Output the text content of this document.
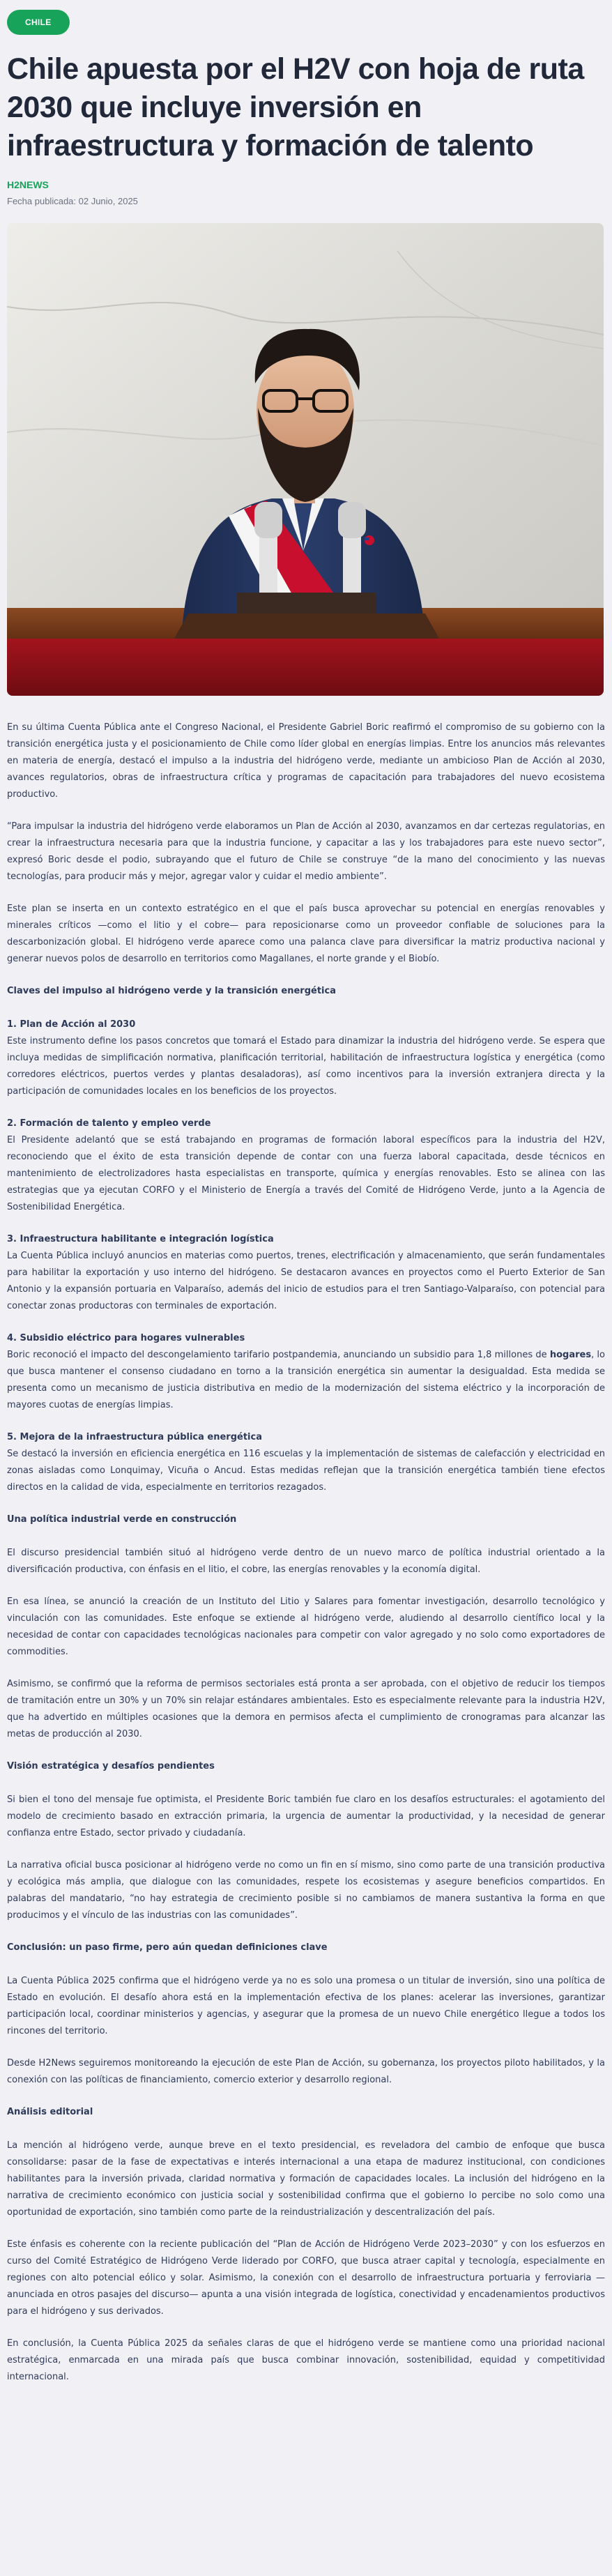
CHILE
Chile apuesta por el H2V con hoja de ruta 2030 que incluye inversión en infraestructura y formación de talento

H2NEWS

Fecha publicada: 02 Junio, 2025

En su última Cuenta Pública ante el Congreso Nacional, el Presidente Gabriel Boric reafirmó el compromiso de su gobierno con la transición energética justa y el posicionamiento de Chile como líder global en energías limpias. Entre los anuncios más relevantes en materia de energía, destacó el impulso a la industria del hidrógeno verde, mediante un ambicioso Plan de Acción al 2030, avances regulatorios, obras de infraestructura crítica y programas de capacitación para trabajadores del nuevo ecosistema productivo.

“Para impulsar la industria del hidrógeno verde elaboramos un Plan de Acción al 2030, avanzamos en dar certezas regulatorias, en crear la infraestructura necesaria para que la industria funcione, y capacitar a las y los trabajadores para este nuevo sector”, expresó Boric desde el podio, subrayando que el futuro de Chile se construye “de la mano del conocimiento y las nuevas tecnologías, para producir más y mejor, agregar valor y cuidar el medio ambiente”.

Este plan se inserta en un contexto estratégico en el que el país busca aprovechar su potencial en energías renovables y minerales críticos —como el litio y el cobre— para reposicionarse como un proveedor confiable de soluciones para la descarbonización global. El hidrógeno verde aparece como una palanca clave para diversificar la matriz productiva nacional y generar nuevos polos de desarrollo en territorios como Magallanes, el norte grande y el Biobío.

Claves del impulso al hidrógeno verde y la transición energética
1. Plan de Acción al 2030

Este instrumento define los pasos concretos que tomará el Estado para dinamizar la industria del hidrógeno verde. Se espera que incluya medidas de simplificación normativa, planificación territorial, habilitación de infraestructura logística y energética (como corredores eléctricos, puertos verdes y plantas desaladoras), así como incentivos para la inversión extranjera directa y la participación de comunidades locales en los beneficios de los proyectos.

2. Formación de talento y empleo verde

El Presidente adelantó que se está trabajando en programas de formación laboral específicos para la industria del H2V, reconociendo que el éxito de esta transición depende de contar con una fuerza laboral capacitada, desde técnicos en mantenimiento de electrolizadores hasta especialistas en transporte, química y energías renovables. Esto se alinea con las estrategias que ya ejecutan CORFO y el Ministerio de Energía a través del Comité de Hidrógeno Verde, junto a la Agencia de Sostenibilidad Energética.

3. Infraestructura habilitante e integración logística

La Cuenta Pública incluyó anuncios en materias como puertos, trenes, electrificación y almacenamiento, que serán fundamentales para habilitar la exportación y uso interno del hidrógeno. Se destacaron avances en proyectos como el Puerto Exterior de San Antonio y la expansión portuaria en Valparaíso, además del inicio de estudios para el tren Santiago-Valparaíso, con potencial para conectar zonas productoras con terminales de exportación.

4. Subsidio eléctrico para hogares vulnerables

Boric reconoció el impacto del descongelamiento tarifario postpandemia, anunciando un subsidio para 1,8 millones de hogares, lo que busca mantener el consenso ciudadano en torno a la transición energética sin aumentar la desigualdad. Esta medida se presenta como un mecanismo de justicia distributiva en medio de la modernización del sistema eléctrico y la incorporación de mayores cuotas de energías limpias.

5. Mejora de la infraestructura pública energética

Se destacó la inversión en eficiencia energética en 116 escuelas y la implementación de sistemas de calefacción y electricidad en zonas aisladas como Lonquimay, Vicuña o Ancud. Estas medidas reflejan que la transición energética también tiene efectos directos en la calidad de vida, especialmente en territorios rezagados.

Una política industrial verde en construcción

El discurso presidencial también situó al hidrógeno verde dentro de un nuevo marco de política industrial orientado a la diversificación productiva, con énfasis en el litio, el cobre, las energías renovables y la economía digital.

En esa línea, se anunció la creación de un Instituto del Litio y Salares para fomentar investigación, desarrollo tecnológico y vinculación con las comunidades. Este enfoque se extiende al hidrógeno verde, aludiendo al desarrollo científico local y la necesidad de contar con capacidades tecnológicas nacionales para competir con valor agregado y no solo como exportadores de commodities.

Asimismo, se confirmó que la reforma de permisos sectoriales está pronta a ser aprobada, con el objetivo de reducir los tiempos de tramitación entre un 30% y un 70% sin relajar estándares ambientales. Esto es especialmente relevante para la industria H2V, que ha advertido en múltiples ocasiones que la demora en permisos afecta el cumplimiento de cronogramas para alcanzar las metas de producción al 2030.

Visión estratégica y desafíos pendientes

Si bien el tono del mensaje fue optimista, el Presidente Boric también fue claro en los desafíos estructurales: el agotamiento del modelo de crecimiento basado en extracción primaria, la urgencia de aumentar la productividad, y la necesidad de generar confianza entre Estado, sector privado y ciudadanía.

La narrativa oficial busca posicionar al hidrógeno verde no como un fin en sí mismo, sino como parte de una transición productiva y ecológica más amplia, que dialogue con las comunidades, respete los ecosistemas y asegure beneficios compartidos. En palabras del mandatario, “no hay estrategia de crecimiento posible si no cambiamos de manera sustantiva la forma en que producimos y el vínculo de las industrias con las comunidades”.

Conclusión: un paso firme, pero aún quedan definiciones clave

La Cuenta Pública 2025 confirma que el hidrógeno verde ya no es solo una promesa o un titular de inversión, sino una política de Estado en evolución. El desafío ahora está en la implementación efectiva de los planes: acelerar las inversiones, garantizar participación local, coordinar ministerios y agencias, y asegurar que la promesa de un nuevo Chile energético llegue a todos los rincones del territorio.

Desde H2News seguiremos monitoreando la ejecución de este Plan de Acción, su gobernanza, los proyectos piloto habilitados, y la conexión con las políticas de financiamiento, comercio exterior y desarrollo regional.

Análisis editorial

La mención al hidrógeno verde, aunque breve en el texto presidencial, es reveladora del cambio de enfoque que busca consolidarse: pasar de la fase de expectativas e interés internacional a una etapa de madurez institucional, con condiciones habilitantes para la inversión privada, claridad normativa y formación de capacidades locales. La inclusión del hidrógeno en la narrativa de crecimiento económico con justicia social y sostenibilidad confirma que el gobierno lo percibe no solo como una oportunidad de exportación, sino también como parte de la reindustrialización y descentralización del país.

Este énfasis es coherente con la reciente publicación del “Plan de Acción de Hidrógeno Verde 2023–2030” y con los esfuerzos en curso del Comité Estratégico de Hidrógeno Verde liderado por CORFO, que busca atraer capital y tecnología, especialmente en regiones con alto potencial eólico y solar. Asimismo, la conexión con el desarrollo de infraestructura portuaria y ferroviaria —anunciada en otros pasajes del discurso— apunta a una visión integrada de logística, conectividad y encadenamientos productivos para el hidrógeno y sus derivados.

En conclusión, la Cuenta Pública 2025 da señales claras de que el hidrógeno verde se mantiene como una prioridad nacional estratégica, enmarcada en una mirada país que busca combinar innovación, sostenibilidad, equidad y competitividad internacional.
